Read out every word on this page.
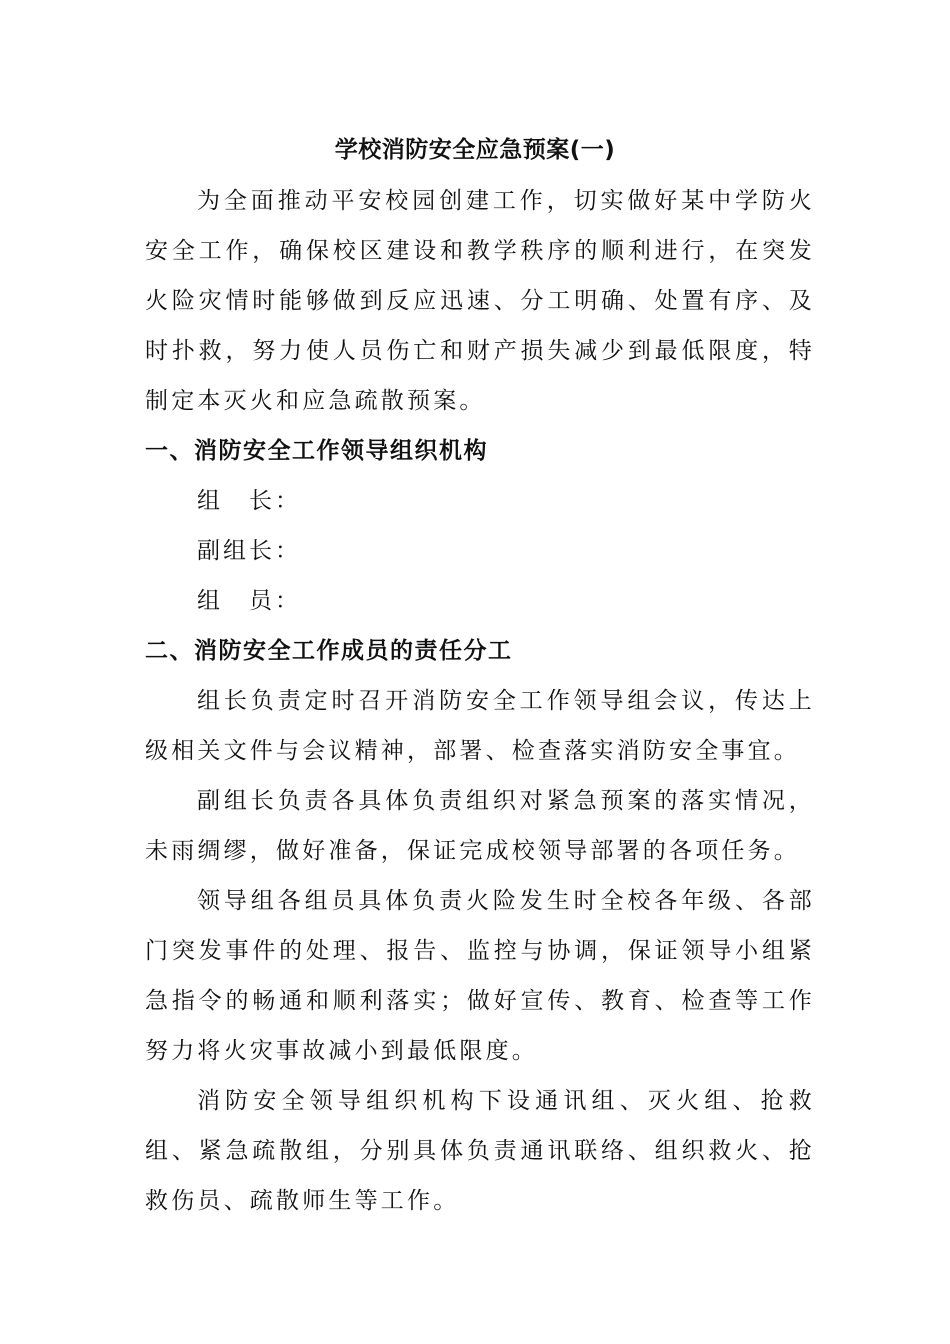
学校消防安全应急预案(一)

为全面推动平安校园创建工作，切实做好某中学防火安全工作，确保校区建设和教学秩序的顺利进行，在突发火险灾情时能够做到反应迅速、分工明确、处置有序、及时扑救，努力使人员伤亡和财产损失减少到最低限度，特制定本灭火和应急疏散预案。

一、消防安全工作领导组织机构

组　长：

副组长：

组　员：

二、消防安全工作成员的责任分工

组长负责定时召开消防安全工作领导组会议，传达上级相关文件与会议精神，部署、检查落实消防安全事宜。

副组长负责各具体负责组织对紧急预案的落实情况，未雨绸缪，做好准备，保证完成校领导部署的各项任务。

领导组各组员具体负责火险发生时全校各年级、各部门突发事件的处理、报告、监控与协调，保证领导小组紧急指令的畅通和顺利落实；做好宣传、教育、检查等工作努力将火灾事故减小到最低限度。

消防安全领导组织机构下设通讯组、灭火组、抢救组、紧急疏散组，分别具体负责通讯联络、组织救火、抢救伤员、疏散师生等工作。
